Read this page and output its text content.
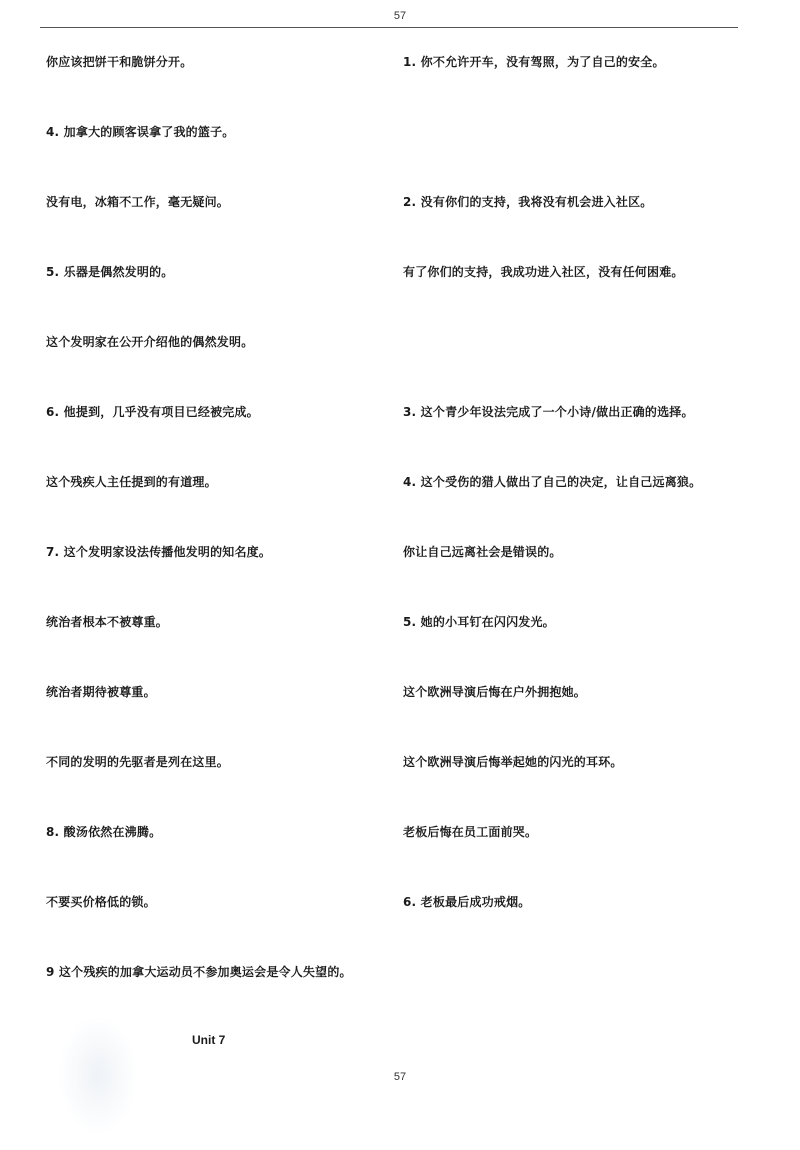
57
你应该把饼干和脆饼分开。
4. 加拿大的顾客误拿了我的篮子。
没有电，冰箱不工作，毫无疑问。
5. 乐器是偶然发明的。
这个发明家在公开介绍他的偶然发明。
6. 他提到，几乎没有项目已经被完成。
这个残疾人主任提到的有道理。
7. 这个发明家设法传播他发明的知名度。
统治者根本不被尊重。
统治者期待被尊重。
不同的发明的先驱者是列在这里。
8. 酸汤依然在沸腾。
不要买价格低的锁。
9 这个残疾的加拿大运动员不参加奥运会是令人失望的。
1. 你不允许开车，没有驾照，为了自己的安全。
2. 没有你们的支持，我将没有机会进入社区。
有了你们的支持，我成功进入社区，没有任何困难。
3. 这个青少年设法完成了一个小诗/做出正确的选择。
4. 这个受伤的猎人做出了自己的决定，让自己远离狼。
你让自己远离社会是错误的。
5. 她的小耳钉在闪闪发光。
这个欧洲导演后悔在户外拥抱她。
这个欧洲导演后悔举起她的闪光的耳环。
老板后悔在员工面前哭。
6. 老板最后成功戒烟。
Unit 7
57
